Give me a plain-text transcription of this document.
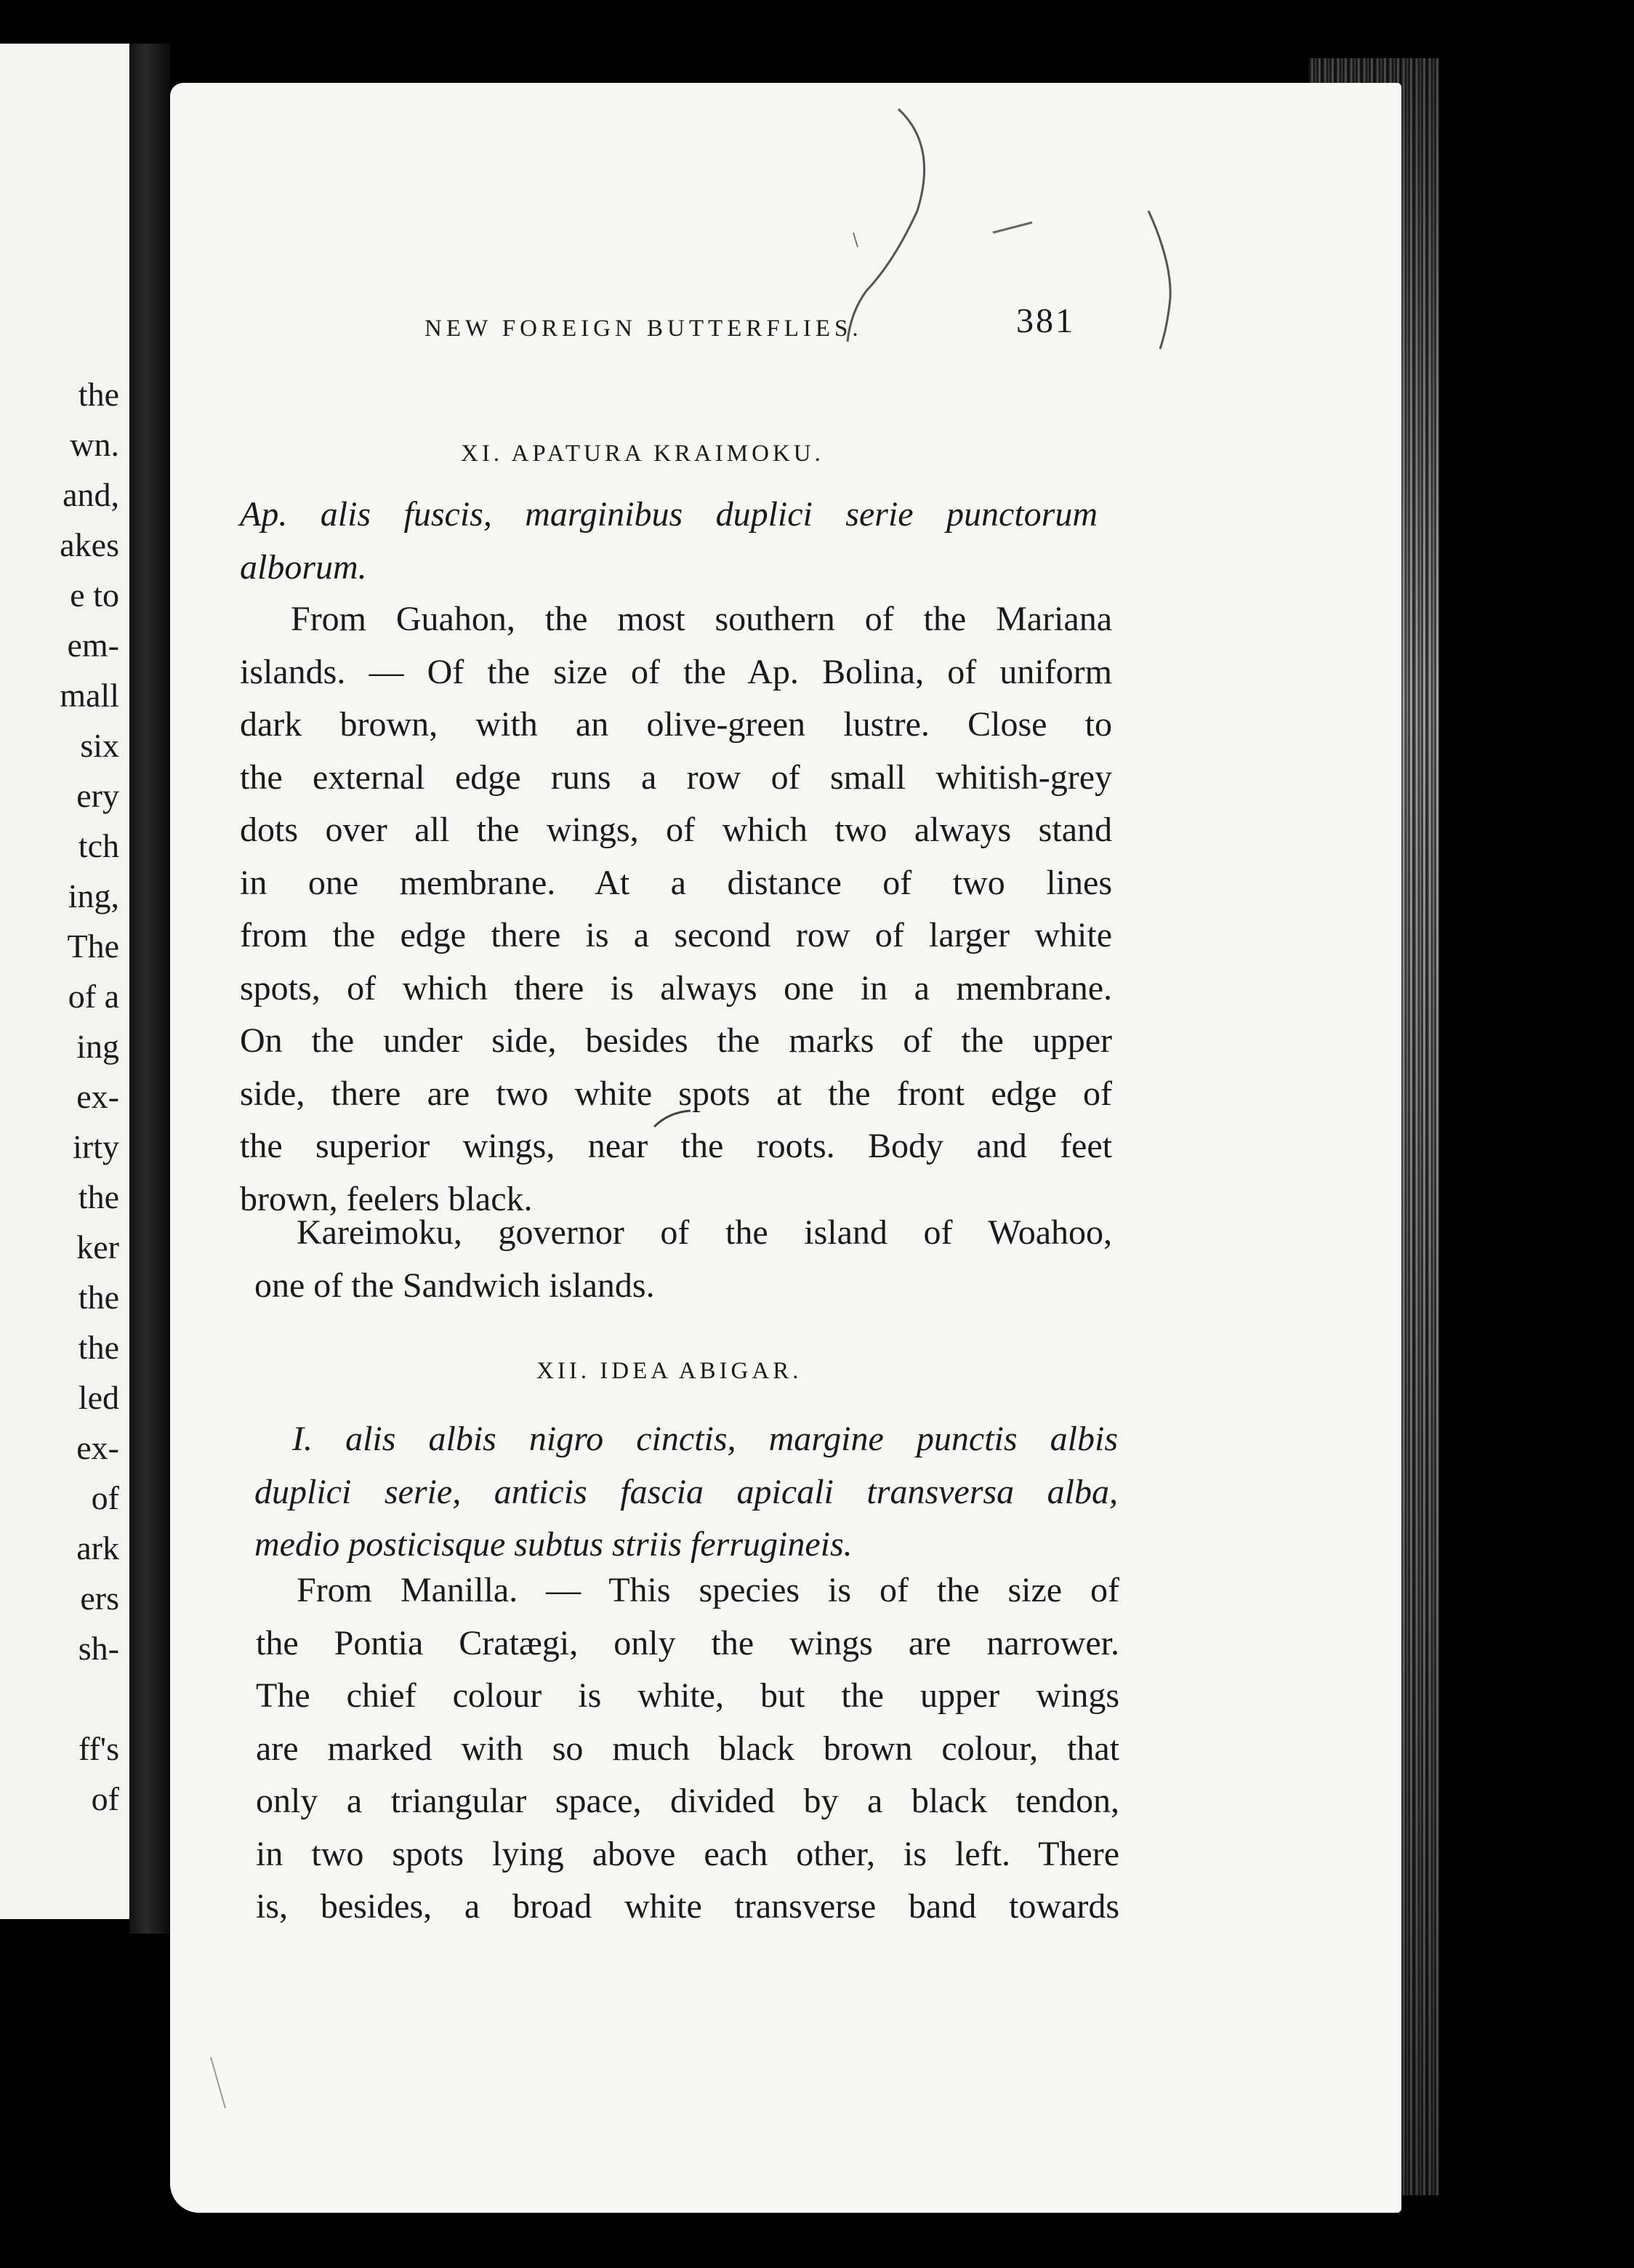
the
wn.
and,
akes
e to
em-
mall
six
ery
tch
ing,
The
of a
ing
ex-
irty
the
ker
the
the
led
ex-
of
ark
ers
sh-

ff's
of
NEW FOREIGN BUTTERFLIES.	381
XI. APATURA KRAIMOKU.
Ap. alis fuscis, marginibus duplici serie punctorum
alborum.
From Guahon, the most southern of the Mariana
islands. — Of the size of the Ap. Bolina, of uniform
dark brown, with an olive-green lustre. Close to
the external edge runs a row of small whitish-grey
dots over all the wings, of which two always stand
in one membrane. At a distance of two lines
from the edge there is a second row of larger white
spots, of which there is always one in a membrane.
On the under side, besides the marks of the upper
side, there are two white spots at the front edge of
the superior wings, near the roots. Body and feet
brown, feelers black.
Kareimoku, governor of the island of Woahoo,
one of the Sandwich islands.
XII. IDEA ABIGAR.
I. alis albis nigro cinctis, margine punctis albis
duplici serie, anticis fascia apicali transversa alba,
medio posticisque subtus striis ferrugineis.
From Manilla. — This species is of the size of
the Pontia Cratægi, only the wings are narrower.
The chief colour is white, but the upper wings
are marked with so much black brown colour, that
only a triangular space, divided by a black tendon,
in two spots lying above each other, is left. There
is, besides, a broad white transverse band towards
